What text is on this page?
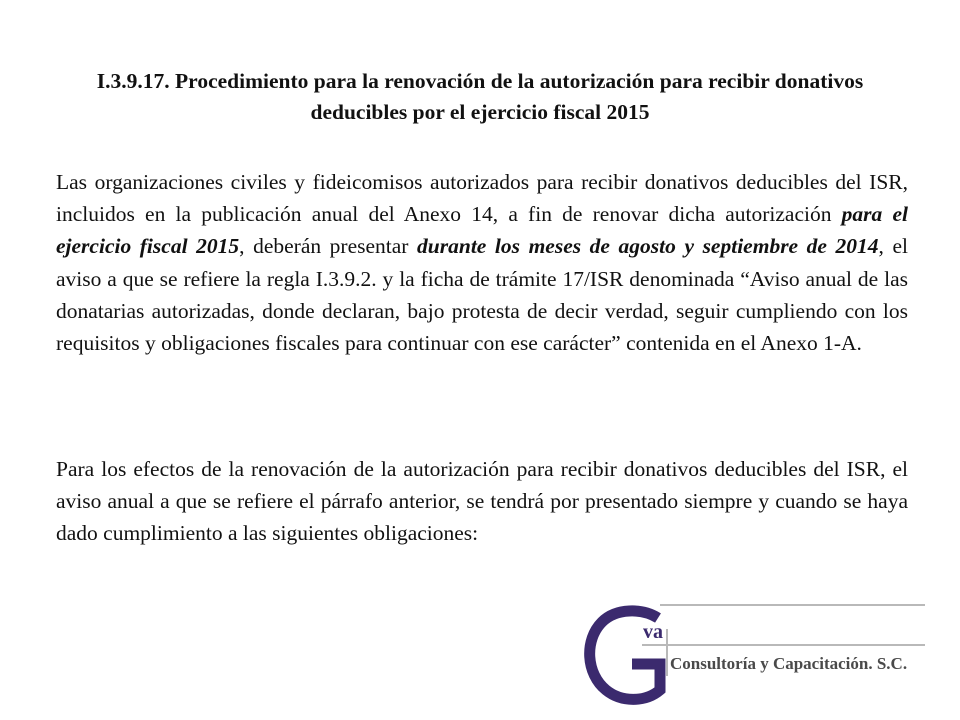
I.3.9.17. Procedimiento para la renovación de la autorización para recibir donativos deducibles por el ejercicio fiscal 2015

Las organizaciones civiles y fideicomisos autorizados para recibir donativos deducibles del ISR, incluidos en la publicación anual del Anexo 14, a fin de renovar dicha autorización para el ejercicio fiscal 2015, deberán presentar durante los meses de agosto y septiembre de 2014, el aviso a que se refiere la regla I.3.9.2. y la ficha de trámite 17/ISR denominada “Aviso anual de las donatarias autorizadas, donde declaran, bajo protesta de decir verdad, seguir cumpliendo con los requisitos y obligaciones fiscales para continuar con ese carácter” contenida en el Anexo 1-A.

Para los efectos de la renovación de la autorización para recibir donativos deducibles del ISR, el aviso anual a que se refiere el párrafo anterior, se tendrá por presentado siempre y cuando se haya dado cumplimiento a las siguientes obligaciones:

va
Consultoría y Capacitación. S.C.
